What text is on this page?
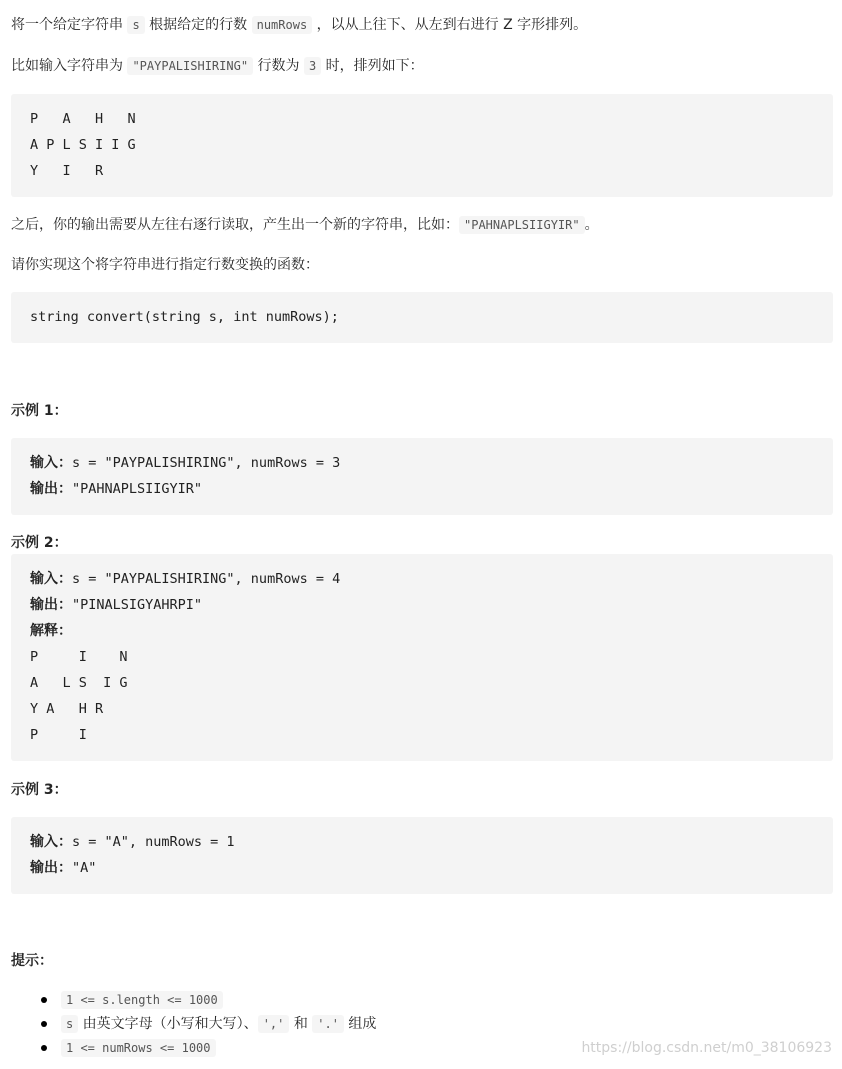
将一个给定字符串 s 根据给定的行数 numRows ，以从上往下、从左到右进行 Z 字形排列。
比如输入字符串为 "PAYPALISHIRING" 行数为 3 时，排列如下：
P   A   H   N
A P L S I I G
Y   I   R
之后，你的输出需要从左往右逐行读取，产生出一个新的字符串，比如： "PAHNAPLSIIGYIR" 。
请你实现这个将字符串进行指定行数变换的函数：
string convert(string s, int numRows);
示例 1：
输入：s = "PAYPALISHIRING", numRows = 3
输出："PAHNAPLSIIGYIR"
示例 2：
输入：s = "PAYPALISHIRING", numRows = 4
输出："PINALSIGYAHRPI"
解释：
P     I    N
A   L S  I G
Y A   H R
P     I
示例 3：
输入：s = "A", numRows = 1
输出："A"
提示：
1 <= s.length <= 1000
s 由英文字母（小写和大写）、 ',' 和 '.' 组成
1 <= numRows <= 1000	https://blog.csdn.net/m0_38106923
